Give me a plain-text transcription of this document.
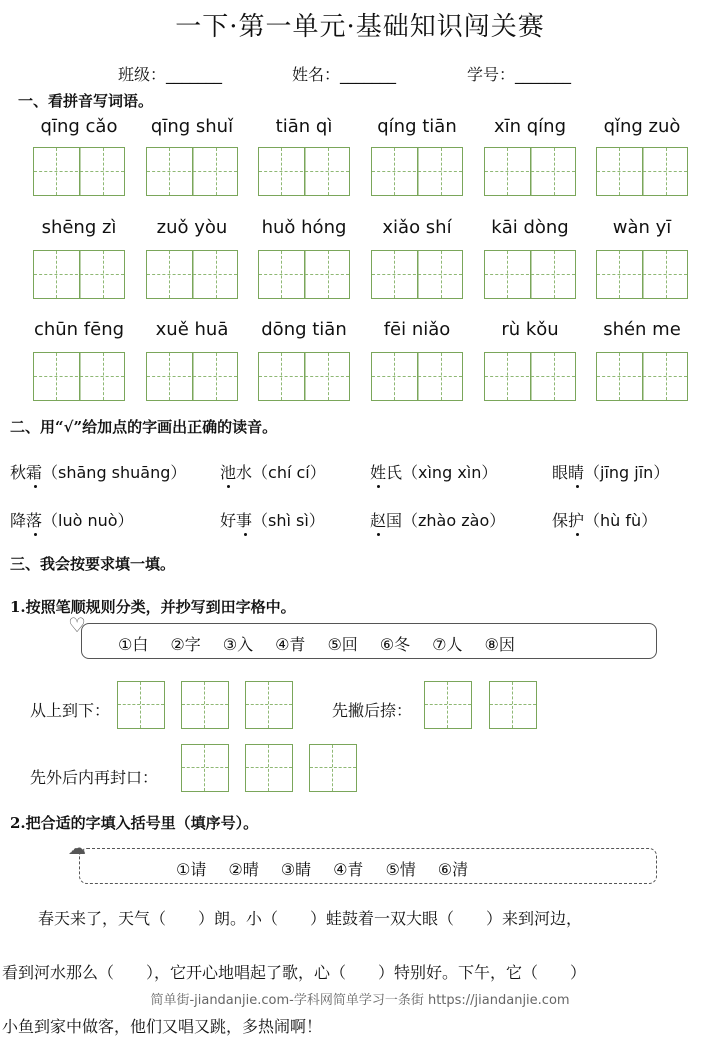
一下·第一单元·基础知识闯关赛
班级：_______	姓名：_______	学号：_______
一、看拼音写词语。
qīng cǎo	qīng shuǐ	tiān qì	qíng tiān	xīn qíng	qǐng zuò
shēng zì	zuǒ yòu	huǒ hóng	xiǎo shí	kāi dòng	wàn yī
chūn fēng	xuě huā	dōng tiān	fēi niǎo	rù kǒu	shén me
二、用“√”给加点的字画出正确的读音。
秋霜（shāng shuāng） 池水（chí cí）	姓氏（xìng xìn）	眼睛（jīng jīn）
降落（luò nuò）	好事（shì sì）	赵国（zhào zào）	保护（hù fù）
三、我会按要求填一填。
1.按照笔顺规则分类，并抄写到田字格中。
♡
①白 ②字 ③入 ④青 ⑤回 ⑥冬 ⑦人 ⑧因
从上到下：	先撇后捺：
先外后内再封口：
2.把合适的字填入括号里（填序号）。
☁
①请 ②晴 ③睛 ④青 ⑤情 ⑥清
春天来了，天气（　　）朗。小（　　）蛙鼓着一双大眼（　　）来到河边，
看到河水那么（　　），它开心地唱起了歌，心（　　）特别好。下午，它（　　）
小鱼到家中做客，他们又唱又跳，多热闹啊！
简单街-jiandanjie.com-学科网简单学习一条街 https://jiandanjie.com
